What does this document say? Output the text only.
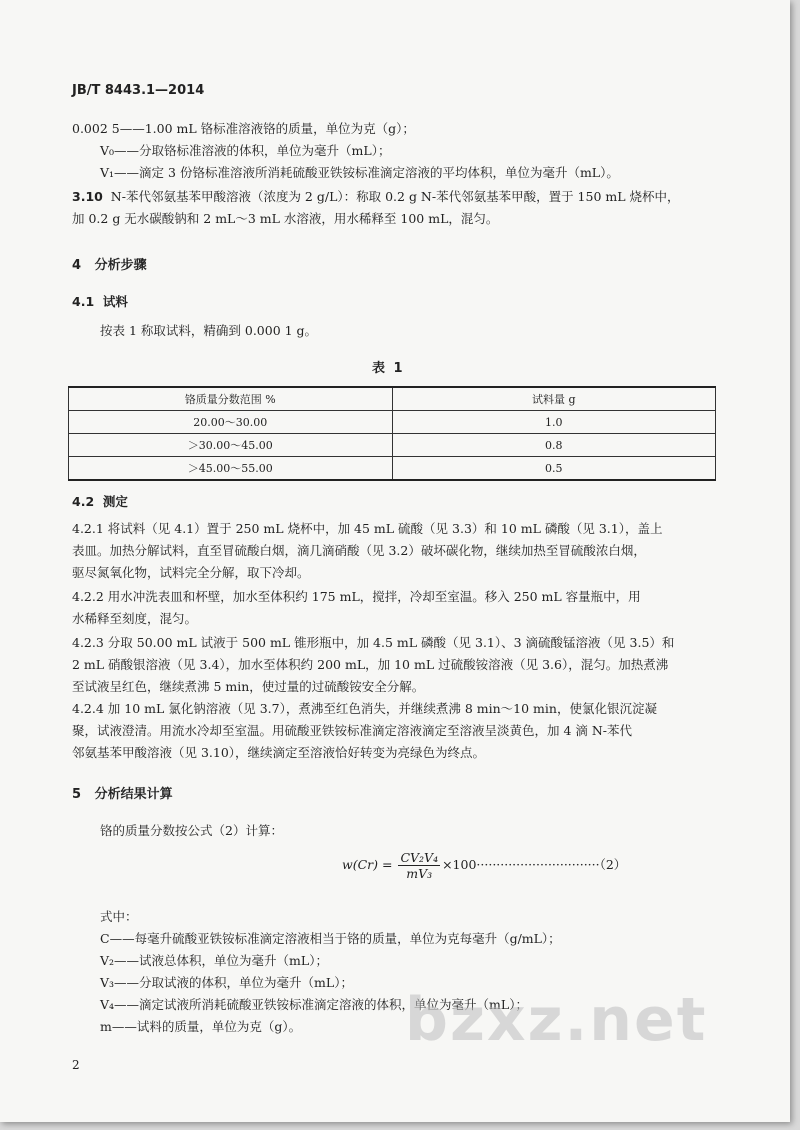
JB/T 8443.1—2014
0.002 5——1.00 mL 铬标准溶液铬的质量，单位为克（g）；
V₀——分取铬标准溶液的体积，单位为毫升（mL）；
V₁——滴定 3 份铬标准溶液所消耗硫酸亚铁铵标准滴定溶液的平均体积，单位为毫升（mL）。
3.10 N-苯代邻氨基苯甲酸溶液（浓度为 2 g/L）：称取 0.2 g N-苯代邻氨基苯甲酸，置于 150 mL 烧杯中，
加 0.2 g 无水碳酸钠和 2 mL～3 mL 水溶液，用水稀释至 100 mL，混匀。
4 分析步骤
4.1 试料
按表 1 称取试料，精确到 0.000 1 g。
表 1
铬质量分数范围 %	试料量 g
20.00～30.00	1.0
＞30.00～45.00	0.8
＞45.00～55.00	0.5
4.2 测定
4.2.1 将试料（见 4.1）置于 250 mL 烧杯中，加 45 mL 硫酸（见 3.3）和 10 mL 磷酸（见 3.1），盖上
表皿。加热分解试料，直至冒硫酸白烟，滴几滴硝酸（见 3.2）破坏碳化物，继续加热至冒硫酸浓白烟，
驱尽氮氧化物，试料完全分解，取下冷却。
4.2.2 用水冲洗表皿和杯壁，加水至体积约 175 mL，搅拌，冷却至室温。移入 250 mL 容量瓶中，用
水稀释至刻度，混匀。
4.2.3 分取 50.00 mL 试液于 500 mL 锥形瓶中，加 4.5 mL 磷酸（见 3.1）、3 滴硫酸锰溶液（见 3.5）和
2 mL 硝酸银溶液（见 3.4），加水至体积约 200 mL，加 10 mL 过硫酸铵溶液（见 3.6），混匀。加热煮沸
至试液呈红色，继续煮沸 5 min，使过量的过硫酸铵安全分解。
4.2.4 加 10 mL 氯化钠溶液（见 3.7），煮沸至红色消失，并继续煮沸 8 min～10 min，使氯化银沉淀凝
聚，试液澄清。用流水冷却至室温。用硫酸亚铁铵标准滴定溶液滴定至溶液呈淡黄色，加 4 滴 N-苯代
邻氨基苯甲酸溶液（见 3.10），继续滴定至溶液恰好转变为亮绿色为终点。
5 分析结果计算
铬的质量分数按公式（2）计算：
$w(Cr) = \frac{\text{CV₂V₄}}{\text{mV₃}} \times 100\cdot\cdot\cdot\cdot\cdot\cdot\cdot\cdot\cdot\cdot\cdot\cdot\cdot\cdot\cdot\cdot\cdot\cdot\cdot\cdot\cdot\cdot\cdot\cdot\cdot\cdot\cdot\cdot\cdot\cdot\cdot(2)$
式中：
C——每毫升硫酸亚铁铵标准滴定溶液相当于铬的质量，单位为克每毫升（g/mL）；
V₂——试液总体积，单位为毫升（mL）；
V₃——分取试液的体积，单位为毫升（mL）；
V₄——滴定试液所消耗硫酸亚铁铵标准滴定溶液的体积，单位为毫升（mL）；
m——试料的质量，单位为克（g）。 bzxz.net
2
